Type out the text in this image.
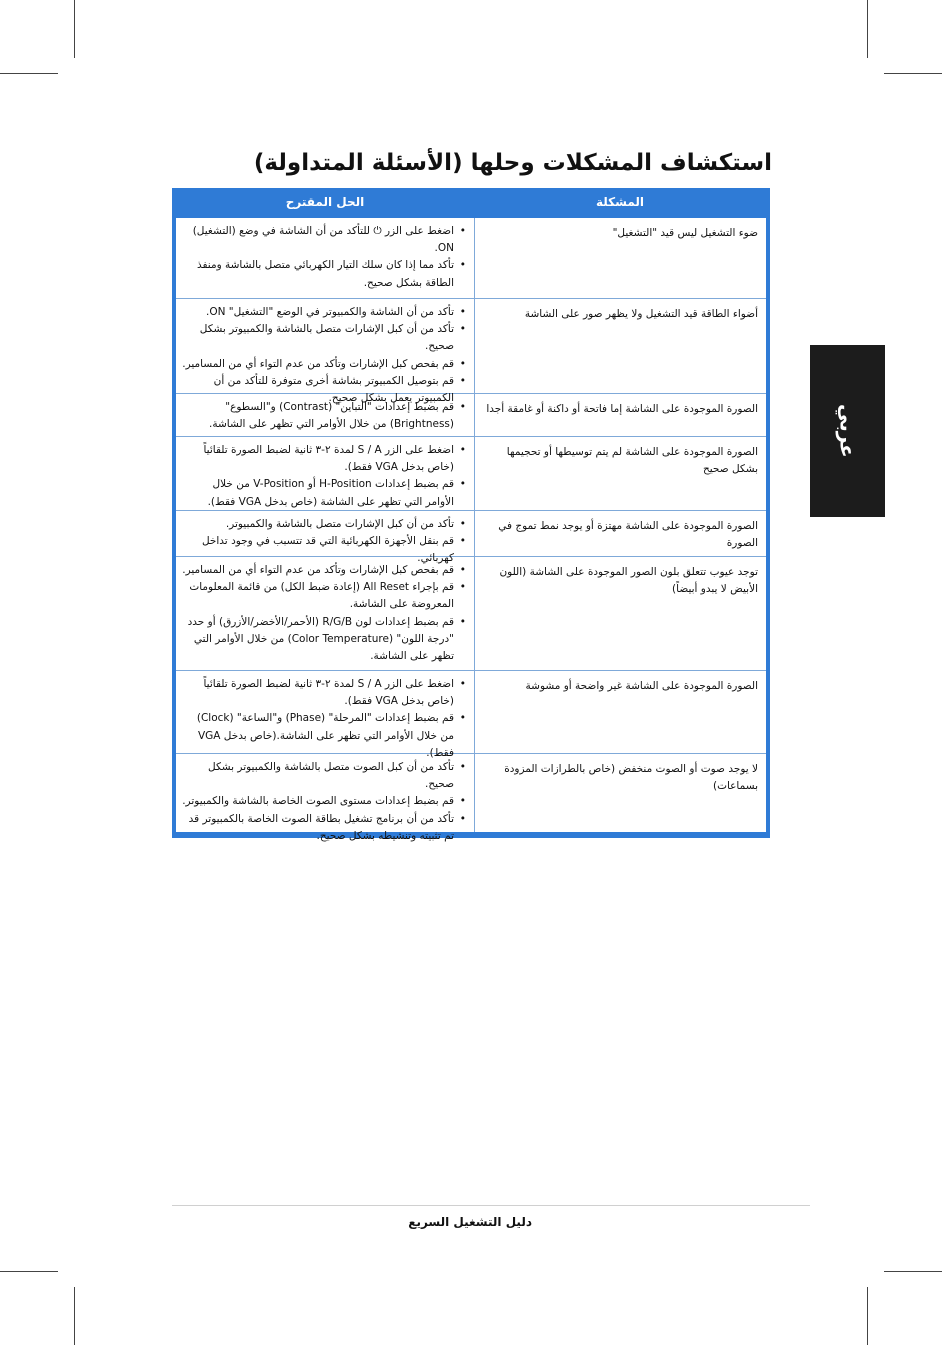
استكشاف المشكلات وحلها (الأسئلة المتداولة)
المشكلة
الحل المقترح
ضوء التشغيل ليس قيد "التشغيل"
• اضغط على الزر ⏻ للتأكد من أن الشاشة في وضع (التشغيل) ON.
• تأكد مما إذا كان سلك التيار الكهربائي متصل بالشاشة ومنفذ الطاقة بشكل صحيح.
أضواء الطاقة قيد التشغيل ولا يظهر صور على الشاشة
• تأكد من أن الشاشة والكمبيوتر في الوضع "التشغيل" ON.
• تأكد من أن كبل الإشارات متصل بالشاشة والكمبيوتر بشكل صحيح.
• قم بفحص كبل الإشارات وتأكد من عدم التواء أي من المسامير.
• قم بتوصيل الكمبيوتر بشاشة أخرى متوفرة للتأكد من أن الكمبيوتر يعمل بشكل صحيح.
الصورة الموجودة على الشاشة إما فاتحة أو داكنة أو غامقة أجدا
• قم بضبط إعدادات "التباين" (Contrast) و"السطوع" (Brightness) من خلال الأوامر التي تظهر على الشاشة.
الصورة الموجودة على الشاشة لم يتم توسيطها أو تحجيمها بشكل صحيح
• اضغط على الزر S / A لمدة ٢-٣ ثانية لضبط الصورة تلقائياً (خاص بدخل VGA فقط).
• قم بضبط إعدادات H-Position أو V-Position من خلال الأوامر التي تظهر على الشاشة (خاص بدخل VGA فقط).
الصورة الموجودة على الشاشة مهتزة أو يوجد نمط تموج في الصورة
• تأكد من أن كبل الإشارات متصل بالشاشة والكمبيوتر.
• قم بنقل الأجهزة الكهربائية التي قد تتسبب في وجود تداخل كهربائي.
توجد عيوب تتعلق بلون الصور الموجودة على الشاشة (اللون الأبيض لا يبدو أبيضاً)
• قم بفحص كبل الإشارات وتأكد من عدم التواء أي من المسامير.
• قم بإجراء All Reset (إعادة ضبط الكل) من قائمة المعلومات المعروضة على الشاشة.
• قم بضبط إعدادات لون R/G/B (الأحمر/الأخضر/الأزرق) أو حدد "درجة اللون" (Color Temperature) من خلال الأوامر التي تظهر على الشاشة.
الصورة الموجودة على الشاشة غير واضحة أو مشوشة
• اضغط على الزر S / A لمدة ٢-٣ ثانية لضبط الصورة تلقائياً (خاص بدخل VGA فقط).
• قم بضبط إعدادات "المرحلة" (Phase) و"الساعة" (Clock) من خلال الأوامر التي تظهر على الشاشة.(خاص بدخل VGA فقط).
لا يوجد صوت أو الصوت منخفض (خاص بالطرازات المزودة بسماعات)
• تأكد من أن كبل الصوت متصل بالشاشة والكمبيوتر بشكل صحيح.
• قم بضبط إعدادات مستوى الصوت الخاصة بالشاشة والكمبيوتر.
• تأكد من أن برنامج تشغيل بطاقة الصوت الخاصة بالكمبيوتر قد تم تثبيته وتنشيطه بشكل صحيح.
عربي
دليل التشغيل السريع
